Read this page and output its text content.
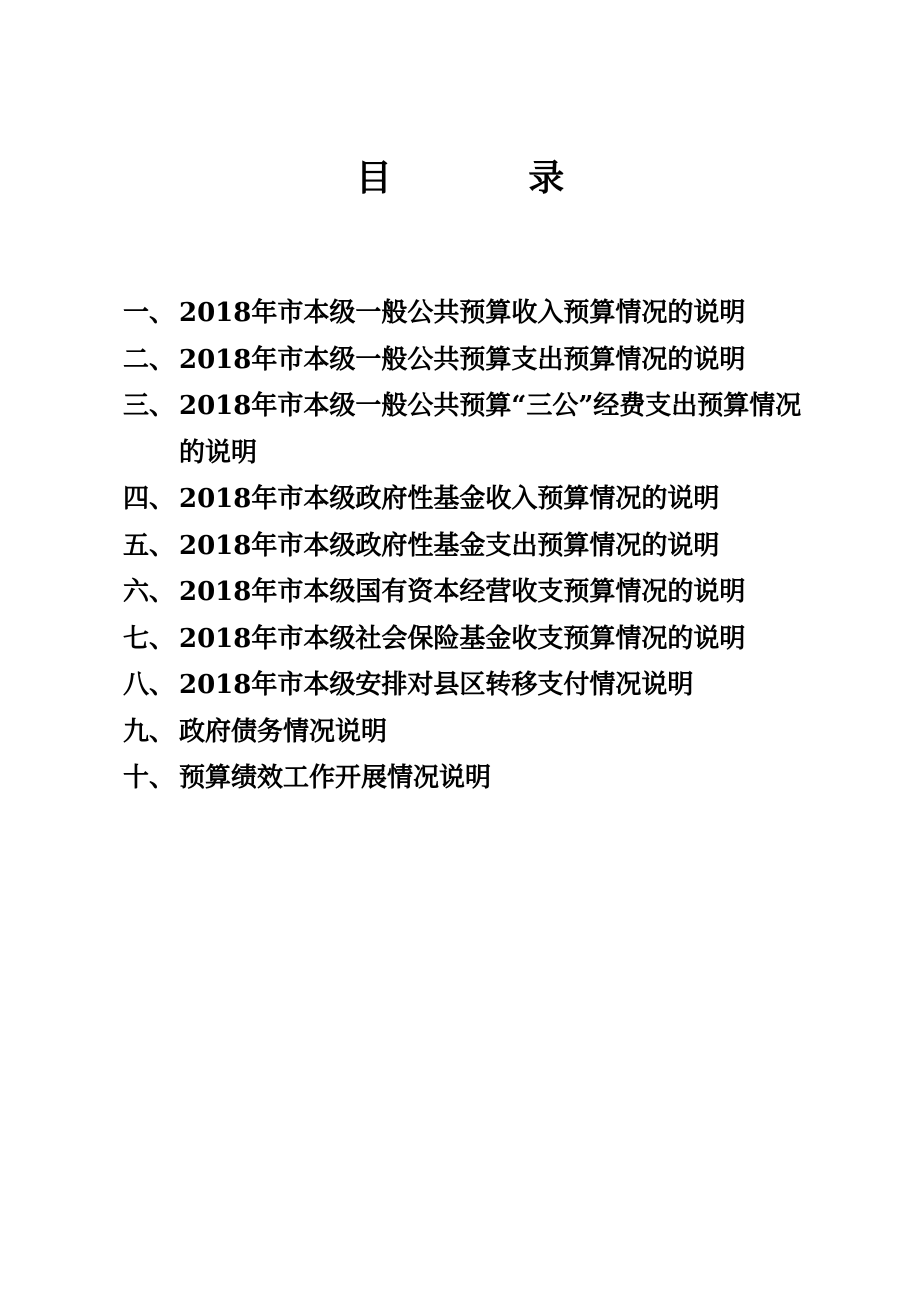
目 录
一、 2018年市本级一般公共预算收入预算情况的说明
二、 2018年市本级一般公共预算支出预算情况的说明
三、 2018年市本级一般公共预算“三公”经费支出预算情况的说明
四、 2018年市本级政府性基金收入预算情况的说明
五、 2018年市本级政府性基金支出预算情况的说明
六、 2018年市本级国有资本经营收支预算情况的说明
七、 2018年市本级社会保险基金收支预算情况的说明
八、 2018年市本级安排对县区转移支付情况说明
九、 政府债务情况说明
十、 预算绩效工作开展情况说明
